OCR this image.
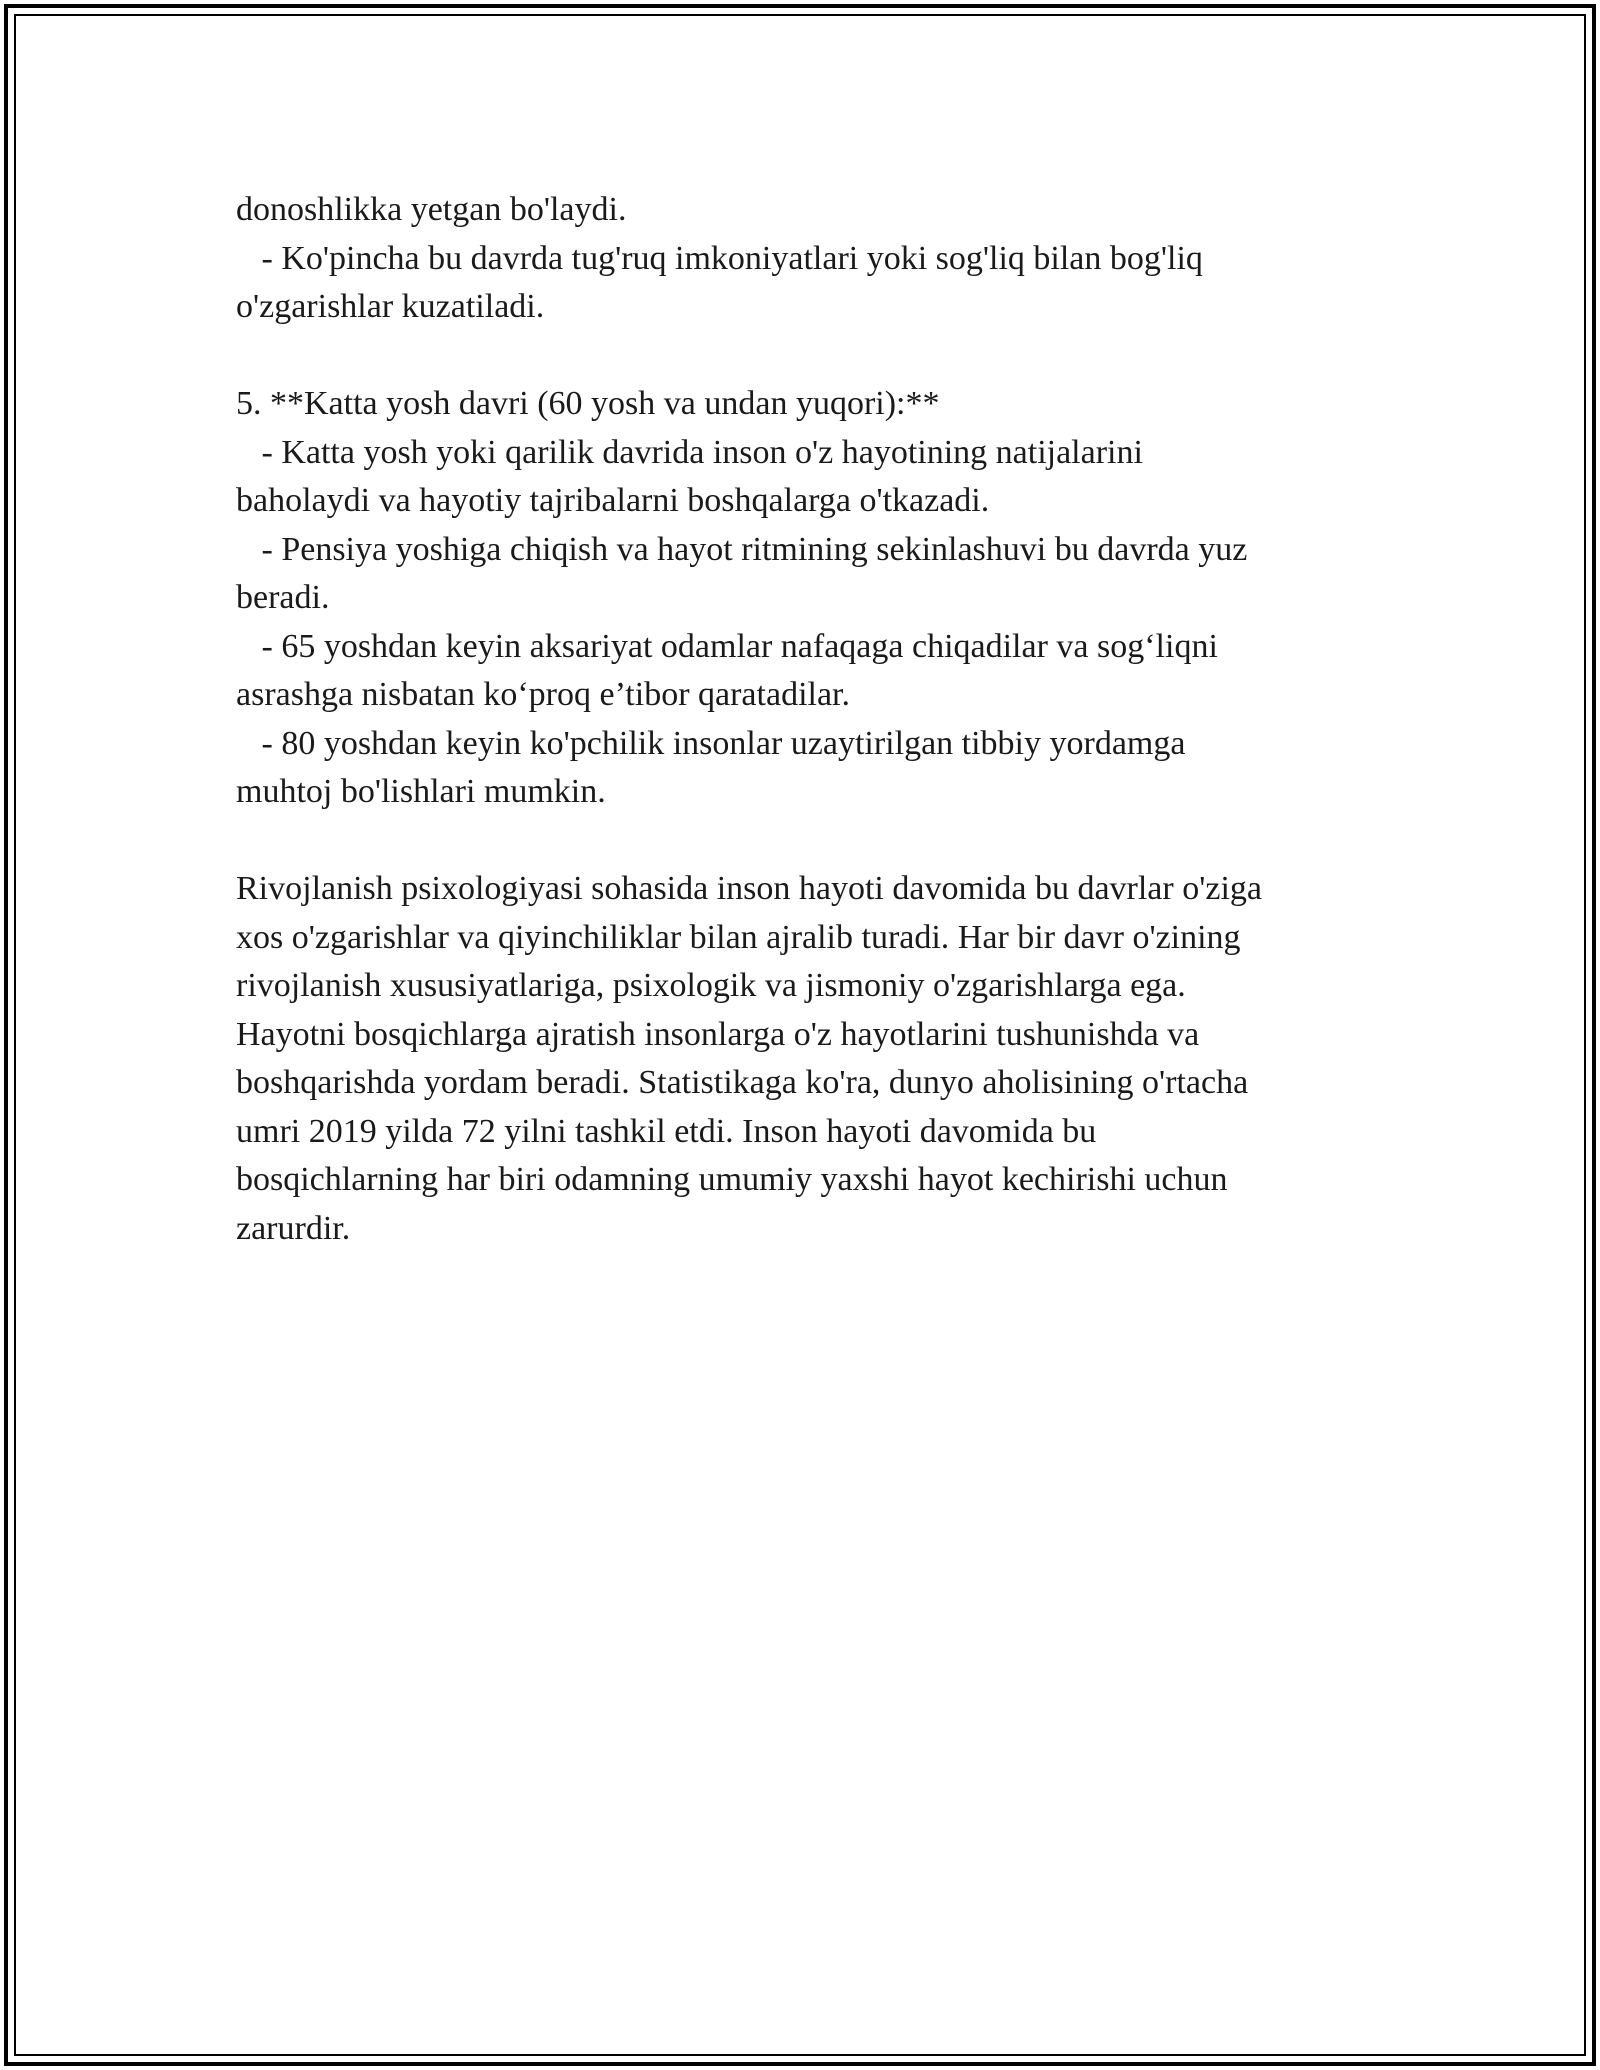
donoshlikka yetgan bo'laydi.
- Ko'pincha bu davrda tug'ruq imkoniyatlari yoki sog'liq bilan bog'liq
o'zgarishlar kuzatiladi.
5. **Katta yosh davri (60 yosh va undan yuqori):**
- Katta yosh yoki qarilik davrida inson o'z hayotining natijalarini
baholaydi va hayotiy tajribalarni boshqalarga o'tkazadi.
- Pensiya yoshiga chiqish va hayot ritmining sekinlashuvi bu davrda yuz
beradi.
- 65 yoshdan keyin aksariyat odamlar nafaqaga chiqadilar va sog‘liqni
asrashga nisbatan ko‘proq e’tibor qaratadilar.
- 80 yoshdan keyin ko'pchilik insonlar uzaytirilgan tibbiy yordamga
muhtoj bo'lishlari mumkin.
Rivojlanish psixologiyasi sohasida inson hayoti davomida bu davrlar o'ziga
xos o'zgarishlar va qiyinchiliklar bilan ajralib turadi. Har bir davr o'zining
rivojlanish xususiyatlariga, psixologik va jismoniy o'zgarishlarga ega.
Hayotni bosqichlarga ajratish insonlarga o'z hayotlarini tushunishda va
boshqarishda yordam beradi. Statistikaga ko'ra, dunyo aholisining o'rtacha
umri 2019 yilda 72 yilni tashkil etdi. Inson hayoti davomida bu
bosqichlarning har biri odamning umumiy yaxshi hayot kechirishi uchun
zarurdir.
